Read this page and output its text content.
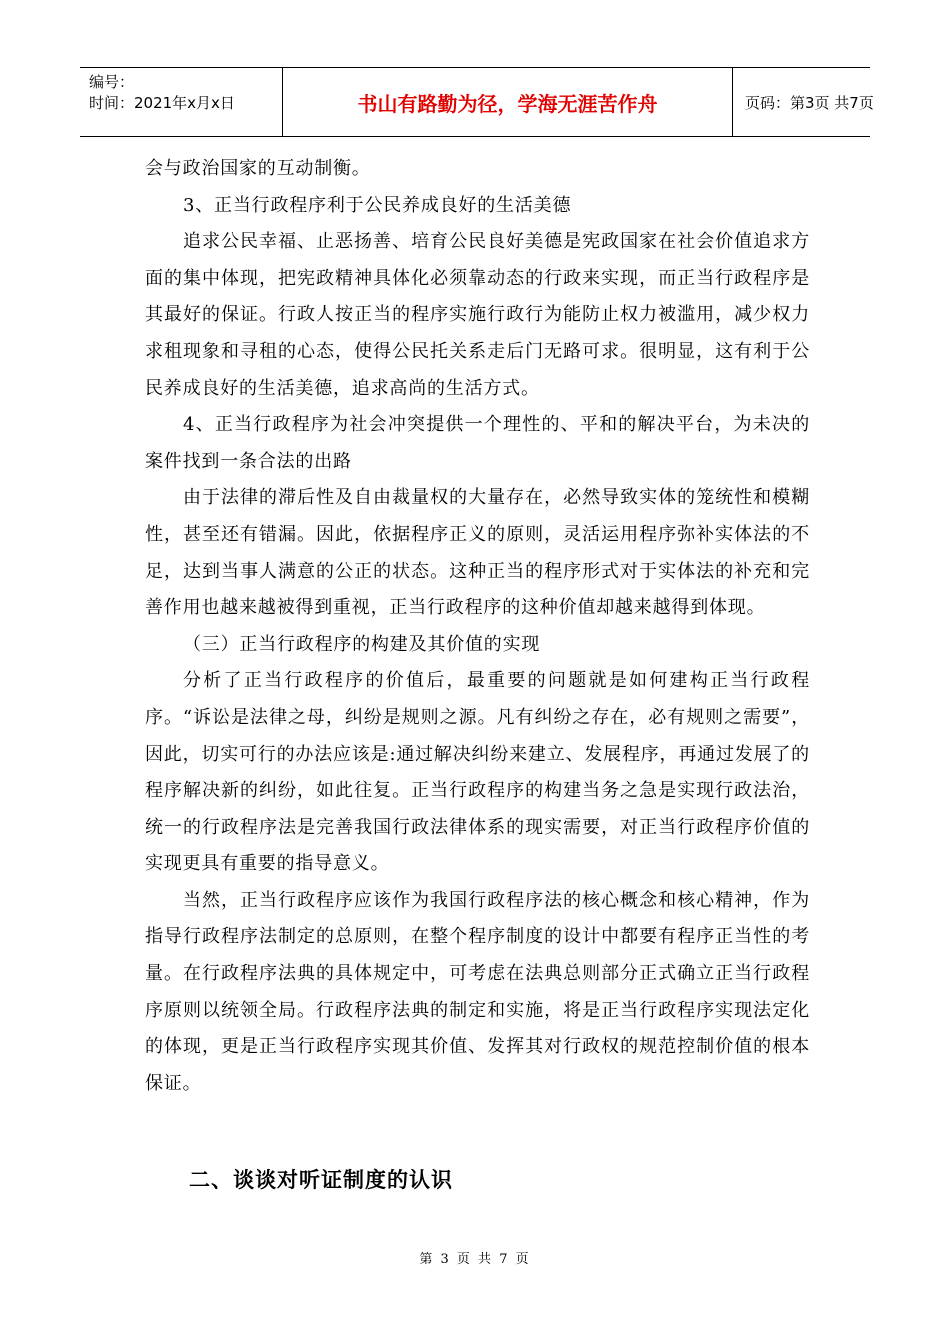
编号：
时间：2021年x月x日	书山有路勤为径，学海无涯苦作舟	页码：第3页 共7页

会与政治国家的互动制衡。

3、正当行政程序利于公民养成良好的生活美德

追求公民幸福、止恶扬善、培育公民良好美德是宪政国家在社会价值追求方面的集中体现，把宪政精神具体化必须靠动态的行政来实现，而正当行政程序是其最好的保证。行政人按正当的程序实施行政行为能防止权力被滥用，减少权力求租现象和寻租的心态，使得公民托关系走后门无路可求。很明显，这有利于公民养成良好的生活美德，追求高尚的生活方式。

4、正当行政程序为社会冲突提供一个理性的、平和的解决平台，为未决的案件找到一条合法的出路

由于法律的滞后性及自由裁量权的大量存在，必然导致实体的笼统性和模糊性，甚至还有错漏。因此，依据程序正义的原则，灵活运用程序弥补实体法的不足，达到当事人满意的公正的状态。这种正当的程序形式对于实体法的补充和完善作用也越来越被得到重视，正当行政程序的这种价值却越来越得到体现。

（三）正当行政程序的构建及其价值的实现

分析了正当行政程序的价值后，最重要的问题就是如何建构正当行政程序。“诉讼是法律之母，纠纷是规则之源。凡有纠纷之存在，必有规则之需要”，因此，切实可行的办法应该是:通过解决纠纷来建立、发展程序，再通过发展了的程序解决新的纠纷，如此往复。正当行政程序的构建当务之急是实现行政法治，统一的行政程序法是完善我国行政法律体系的现实需要，对正当行政程序价值的实现更具有重要的指导意义。

当然，正当行政程序应该作为我国行政程序法的核心概念和核心精神，作为指导行政程序法制定的总原则，在整个程序制度的设计中都要有程序正当性的考量。在行政程序法典的具体规定中，可考虑在法典总则部分正式确立正当行政程序原则以统领全局。行政程序法典的制定和实施，将是正当行政程序实现法定化的体现，更是正当行政程序实现其价值、发挥其对行政权的规范控制价值的根本保证。

二、谈谈对听证制度的认识
第 3 页 共 7 页
